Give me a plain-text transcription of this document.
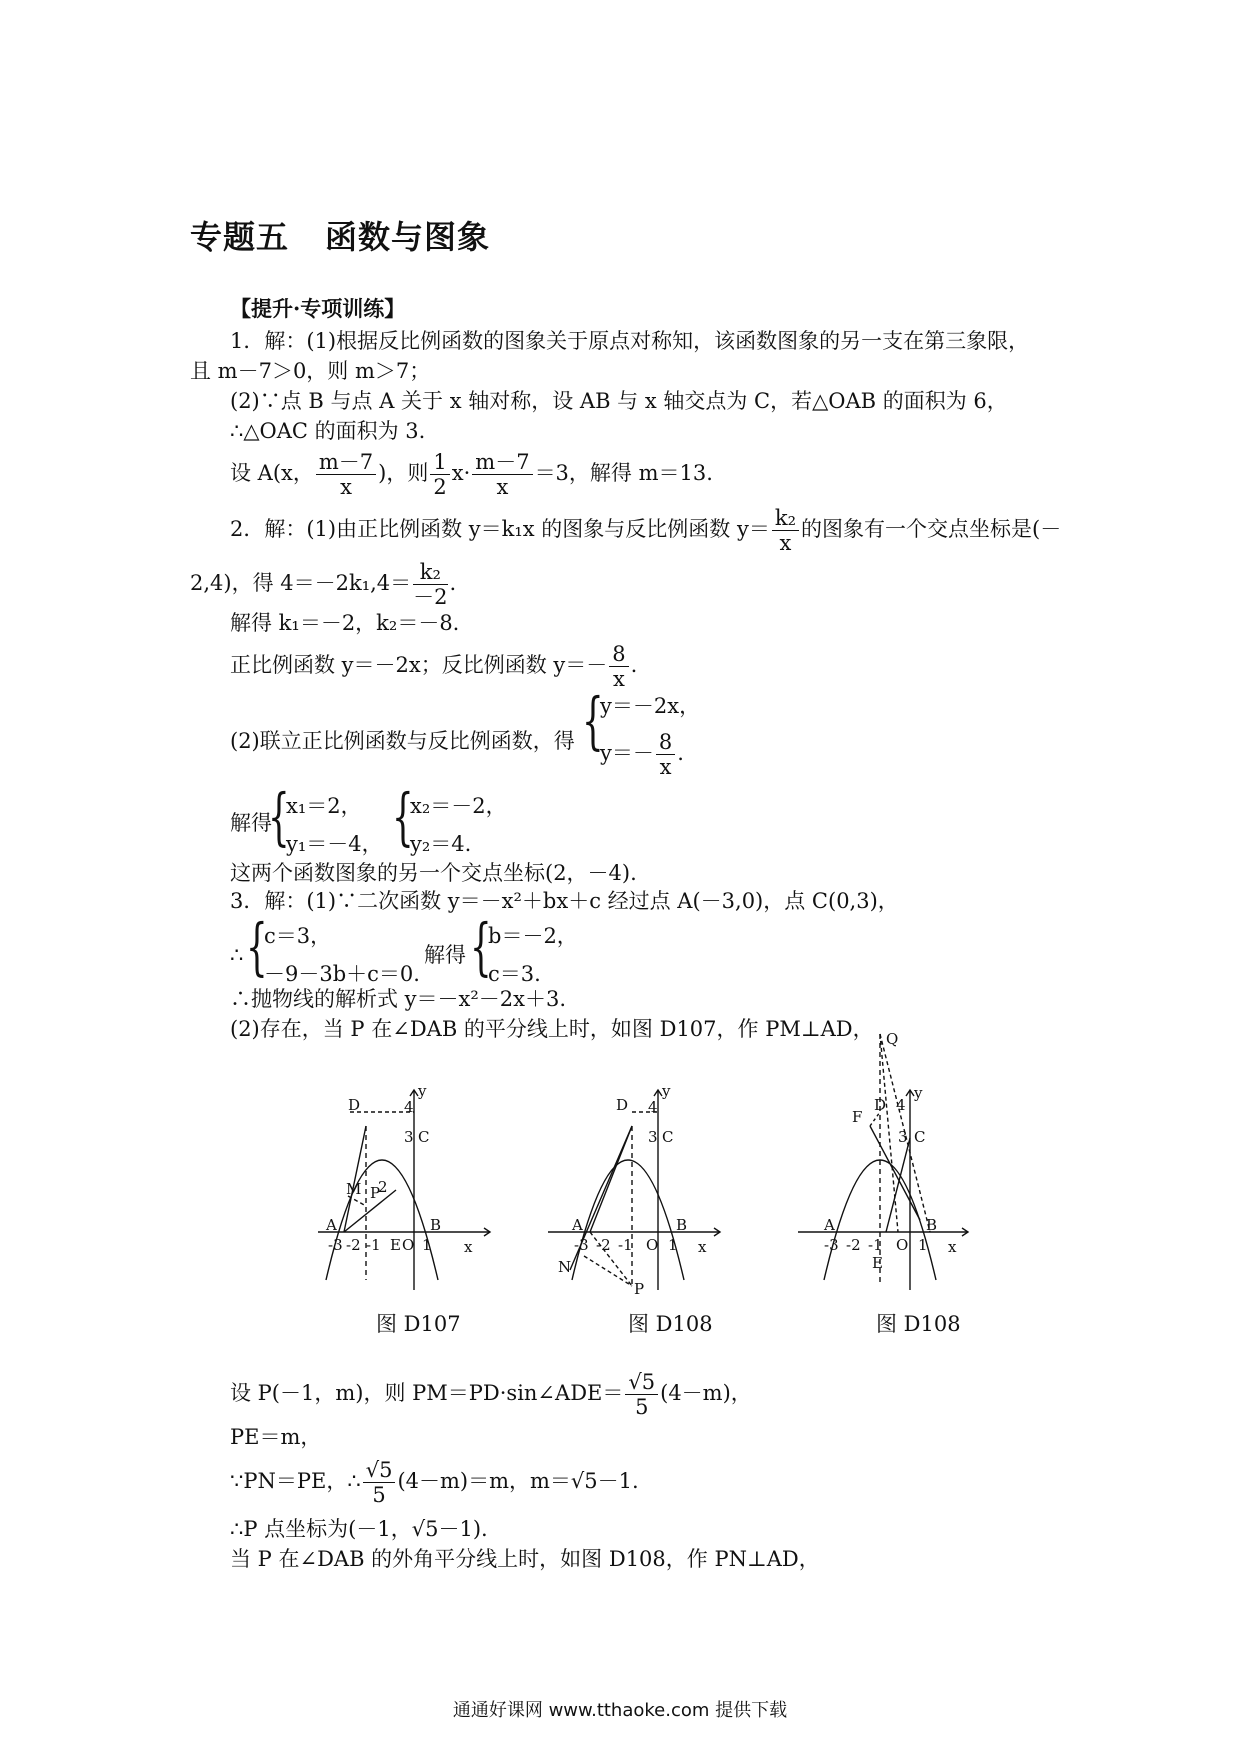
专题五 函数与图象
【提升·专项训练】
1．解：(1)根据反比例函数的图象关于原点对称知，该函数图象的另一支在第三象限，
且 m－7＞0，则 m＞7；
(2)∵点 B 与点 A 关于 x 轴对称，设 AB 与 x 轴交点为 C，若△OAB 的面积为 6，
∴△OAC 的面积为 3.
设 A(x， $\frac{m-7}{x}$ )，则 $\frac{1}{2} x\cdot \frac{m-7}{x} =3$，解得 m＝13.
2．解：(1)由正比例函数 y＝k₁x 的图象与反比例函数 $y= \frac{\text{k₂}}{x}$ 的图象有一个交点坐标是(－
2,4)，得 $4=-2k_1,4= \frac{\text{k₂}}{-2}$ .
解得 k₁＝－2，k₂＝－8.
正比例函数 y＝－2x；反比例函数 $y=- \frac{8}{x}$ .
(2)联立正比例函数与反比例函数，得 {
y＝－2x，
$y=- \frac{8}{x}$ .
解得
{
x₁＝2，
y₁＝－4， {
x₂＝－2，
y₂＝4.
这两个函数图象的另一个交点坐标(2，－4).
3．解：(1)∵二次函数 y＝－x²＋bx＋c 经过点 A(－3,0)，点 C(0,3)，
∴ {
c＝3，
－9－3b＋c＝0.
解得 {
b＝－2，
c＝3.
∴抛物线的解析式 y＝－x²－2x＋3.
(2)存在，当 P 在∠DAB 的平分线上时，如图 D107，作 PM⊥AD，
D	4
C
3
M P
2
A	B
-3 -2 -1 E O 1 x
y
图 D107
D 4
C
3
A	B
-3 -2 -1 O 1 x
y
N
P
图 D108
Q
D 4
F
C
3
A	B
-3 -2 -1 O 1 x
y
E
图 D108
设 P(－1，m)，则 PM＝PD·sin∠ADE＝ $\frac{√5}{5} (4-m)$，
PE＝m，
∵PN＝PE，∴ $\frac{√5}{5} (4-m)=m$，m＝√5－1.
∴P 点坐标为(－1，√5－1).
当 P 在∠DAB 的外角平分线上时，如图 D108，作 PN⊥AD，
通通好课网 www.tthaoke.com 提供下载
